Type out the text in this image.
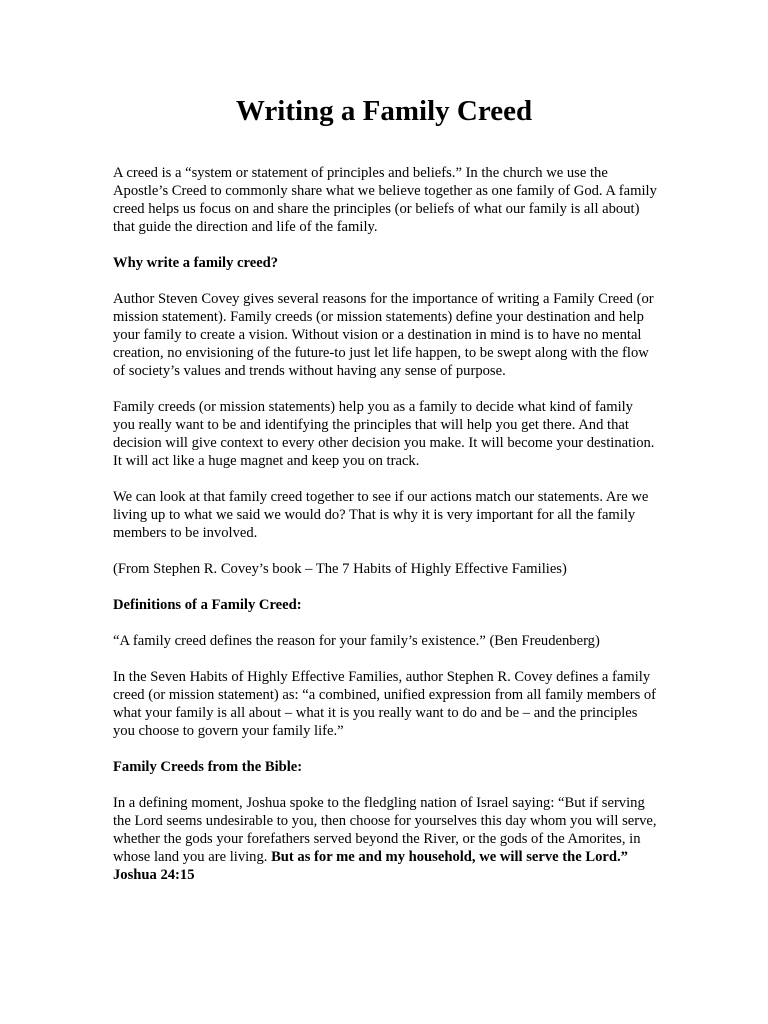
Writing a Family Creed

A creed is a “system or statement of principles and beliefs.” In the church we use the Apostle’s Creed to commonly share what we believe together as one family of God. A family creed helps us focus on and share the principles (or beliefs of what our family is all about) that guide the direction and life of the family.

Why write a family creed?

Author Steven Covey gives several reasons for the importance of writing a Family Creed (or mission statement). Family creeds (or mission statements) define your destination and help your family to create a vision. Without vision or a destination in mind is to have no mental creation, no envisioning of the future-to just let life happen, to be swept along with the flow of society’s values and trends without having any sense of purpose.

Family creeds (or mission statements) help you as a family to decide what kind of family you really want to be and identifying the principles that will help you get there. And that decision will give context to every other decision you make. It will become your destination. It will act like a huge magnet and keep you on track.

We can look at that family creed together to see if our actions match our statements. Are we living up to what we said we would do? That is why it is very important for all the family members to be involved.

(From Stephen R. Covey’s book – The 7 Habits of Highly Effective Families)

Definitions of a Family Creed:

“A family creed defines the reason for your family’s existence.” (Ben Freudenberg)

In the Seven Habits of Highly Effective Families, author Stephen R. Covey defines a family creed (or mission statement) as: “a combined, unified expression from all family members of what your family is all about – what it is you really want to do and be – and the principles you choose to govern your family life.”

Family Creeds from the Bible:

In a defining moment, Joshua spoke to the fledgling nation of Israel saying: “But if serving the Lord seems undesirable to you, then choose for yourselves this day whom you will serve, whether the gods your forefathers served beyond the River, or the gods of the Amorites, in whose land you are living. But as for me and my household, we will serve the Lord.” Joshua 24:15
